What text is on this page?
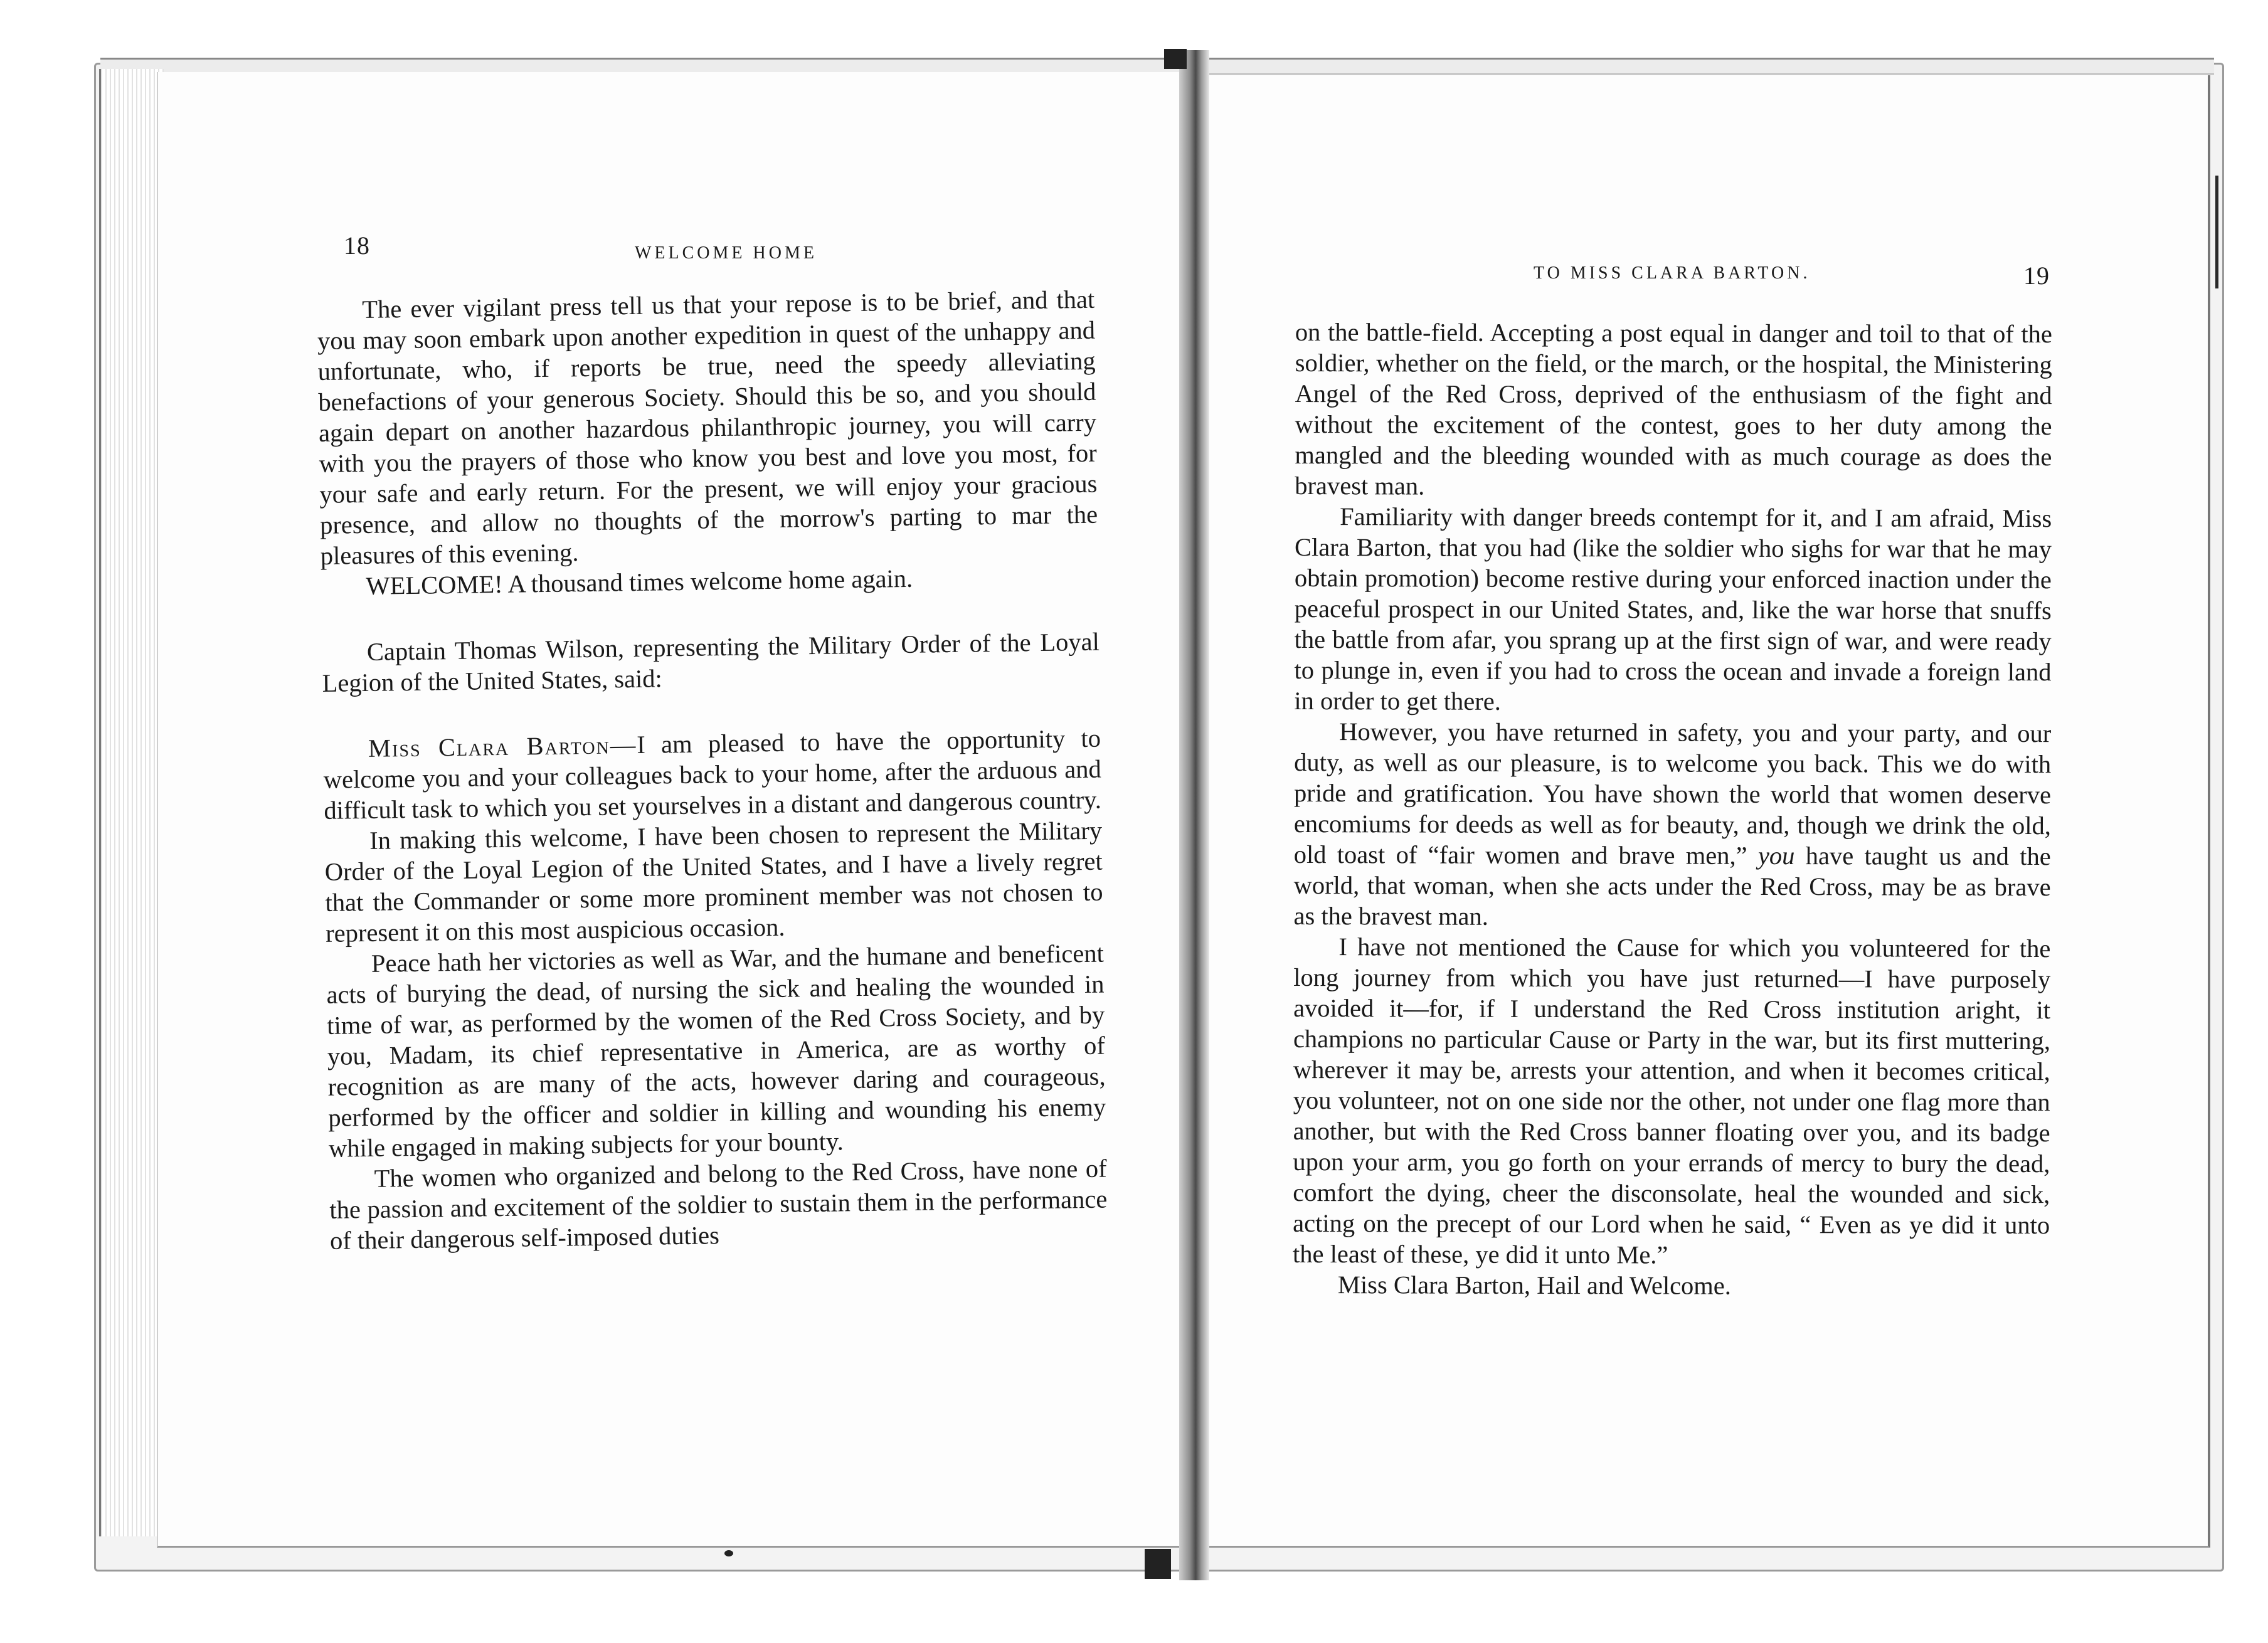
18	WELCOME HOME
TO MISS CLARA BARTON.	19

The ever vigilant press tell us that your repose is to be brief, and that you may soon embark upon another expedition in quest of the unhappy and unfortunate, who, if reports be true, need the speedy alleviating benefactions of your generous Society. Should this be so, and you should again depart on another hazardous philanthropic journey, you will carry with you the prayers of those who know you best and love you most, for your safe and early return. For the present, we will enjoy your gracious presence, and allow no thoughts of the morrow's parting to mar the pleasures of this evening.

WELCOME! A thousand times welcome home again.

Captain Thomas Wilson, representing the Military Order of the Loyal Legion of the United States, said:

Miss Clara Barton—I am pleased to have the opportunity to welcome you and your colleagues back to your home, after the arduous and difficult task to which you set yourselves in a distant and dangerous country.

In making this welcome, I have been chosen to represent the Military Order of the Loyal Legion of the United States, and I have a lively regret that the Commander or some more prominent member was not chosen to represent it on this most auspicious occasion.

Peace hath her victories as well as War, and the humane and beneficent acts of burying the dead, of nursing the sick and healing the wounded in time of war, as performed by the women of the Red Cross Society, and by you, Madam, its chief representative in America, are as worthy of recognition as are many of the acts, however daring and courageous, performed by the officer and soldier in killing and wounding his enemy while engaged in making subjects for your bounty.

The women who organized and belong to the Red Cross, have none of the passion and excitement of the soldier to sustain them in the performance of their dangerous self-imposed duties

on the battle-field. Accepting a post equal in danger and toil to that of the soldier, whether on the field, or the march, or the hospital, the Ministering Angel of the Red Cross, deprived of the enthusiasm of the fight and without the excitement of the contest, goes to her duty among the mangled and the bleeding wounded with as much courage as does the bravest man.

Familiarity with danger breeds contempt for it, and I am afraid, Miss Clara Barton, that you had (like the soldier who sighs for war that he may obtain promotion) become restive during your enforced inaction under the peaceful prospect in our United States, and, like the war horse that snuffs the battle from afar, you sprang up at the first sign of war, and were ready to plunge in, even if you had to cross the ocean and invade a foreign land in order to get there.

However, you have returned in safety, you and your party, and our duty, as well as our pleasure, is to welcome you back. This we do with pride and gratification. You have shown the world that women deserve encomiums for deeds as well as for beauty, and, though we drink the old, old toast of “fair women and brave men,” you have taught us and the world, that woman, when she acts under the Red Cross, may be as brave as the bravest man.

I have not mentioned the Cause for which you volunteered for the long journey from which you have just returned—I have purposely avoided it—for, if I understand the Red Cross institution aright, it champions no particular Cause or Party in the war, but its first muttering, wherever it may be, arrests your attention, and when it becomes critical, you volunteer, not on one side nor the other, not under one flag more than another, but with the Red Cross banner floating over you, and its badge upon your arm, you go forth on your errands of mercy to bury the dead, comfort the dying, cheer the disconsolate, heal the wounded and sick, acting on the precept of our Lord when he said, “ Even as ye did it unto the least of these, ye did it unto Me.”

Miss Clara Barton, Hail and Welcome.
